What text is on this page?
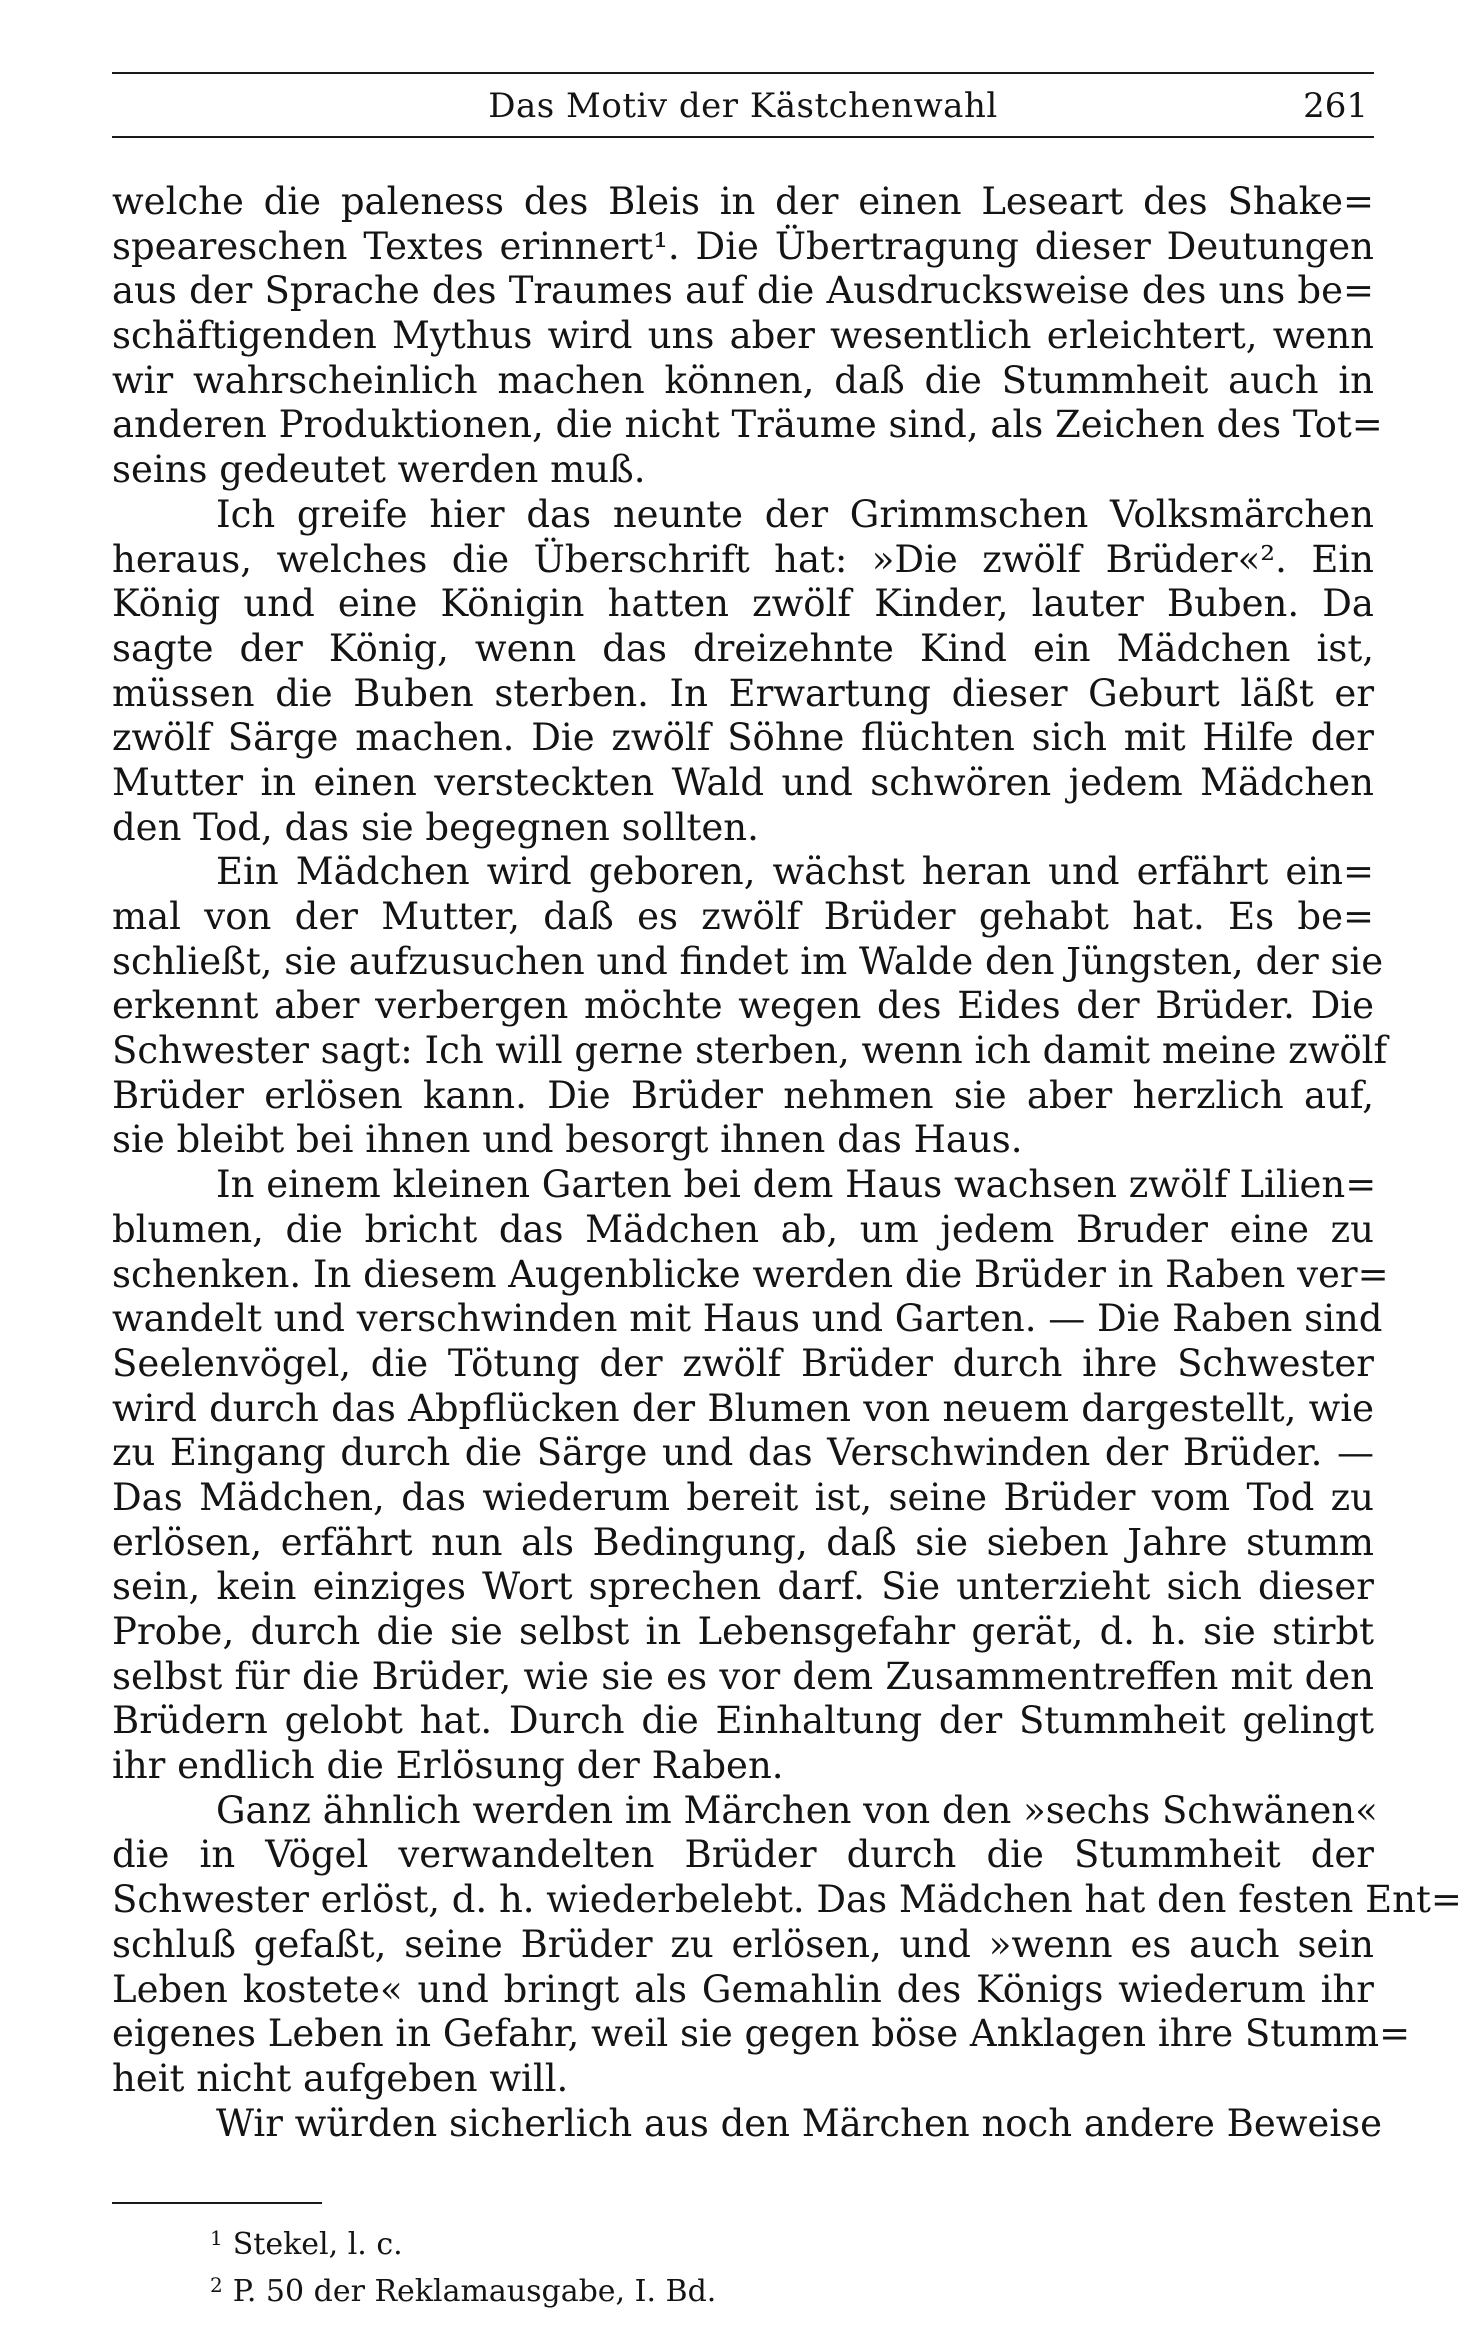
Das Motiv der Kästchenwahl	261
welche die paleness des Bleis in der einen Leseart des Shake=
spearesc​hen Textes erinnert¹. Die Übertragung dieser Deutungen
aus der Sprache des Traumes auf die Ausdrucksweise des uns be=
schäftigenden Mythus wird uns aber wesentlich erleichtert, wenn
wir wahrscheinlich machen können, daß die Stummheit auch in
anderen Produktionen, die nicht Träume sind, als Zeichen des Tot=
seins gedeutet werden muß.
Ich greife hier das neunte der Grimmschen Volksmärchen
heraus, welches die Überschrift hat: »Die zwölf Brüder«². Ein
König und eine Königin hatten zwölf Kinder, lauter Buben. Da
sagte der König, wenn das dreizehnte Kind ein Mädchen ist,
müssen die Buben sterben. In Erwartung dieser Geburt läßt er
zwölf Särge machen. Die zwölf Söhne flüchten sich mit Hilfe der
Mutter in einen versteckten Wald und schwören jedem Mädchen
den Tod, das sie begegnen sollten.
Ein Mädchen wird geboren, wächst heran und erfährt ein=
mal von der Mutter, daß es zwölf Brüder gehabt hat. Es be=
schließt, sie aufzusuchen und findet im Walde den Jüngsten, der sie
erkennt aber verbergen möchte wegen des Eides der Brüder. Die
Schwester sagt: Ich will gerne sterben, wenn ich damit meine zwölf
Brüder erlösen kann. Die Brüder nehmen sie aber herzlich auf,
sie bleibt bei ihnen und besorgt ihnen das Haus.
In einem kleinen Garten bei dem Haus wachsen zwölf Lilien=
blumen, die bricht das Mädchen ab, um jedem Bruder eine zu
schenken. In diesem Augenblicke werden die Brüder in Raben ver=
wandelt und verschwinden mit Haus und Garten. — Die Raben sind
Seelenvögel, die Tötung der zwölf Brüder durch ihre Schwester
wird durch das Abpflücken der Blumen von neuem dargestellt, wie
zu Eingang durch die Särge und das Verschwinden der Brüder. —
Das Mädchen, das wiederum bereit ist, seine Brüder vom Tod zu
erlösen, erfährt nun als Bedingung, daß sie sieben Jahre stumm
sein, kein einziges Wort sprechen darf. Sie unterzieht sich dieser
Probe, durch die sie selbst in Lebensgefahr gerät, d. h. sie stirbt
selbst für die Brüder, wie sie es vor dem Zusammentreffen mit den
Brüdern gelobt hat. Durch die Einhaltung der Stummheit gelingt
ihr endlich die Erlösung der Raben.
Ganz ähnlich werden im Märchen von den »sechs Schwänen«
die in Vögel verwandelten Brüder durch die Stummheit der
Schwester erlöst, d. h. wiederbelebt. Das Mädchen hat den festen Ent=
schluß gefaßt, seine Brüder zu erlösen, und »wenn es auch sein
Leben kostete« und bringt als Gemahlin des Königs wiederum ihr
eigenes Leben in Gefahr, weil sie gegen böse Anklagen ihre Stumm=
heit nicht aufgeben will.
Wir würden sicherlich aus den Märchen noch andere Beweise
$^1$ Stekel, l. c.
$^2$ P. 50 der Reklamausgabe, I. Bd.
